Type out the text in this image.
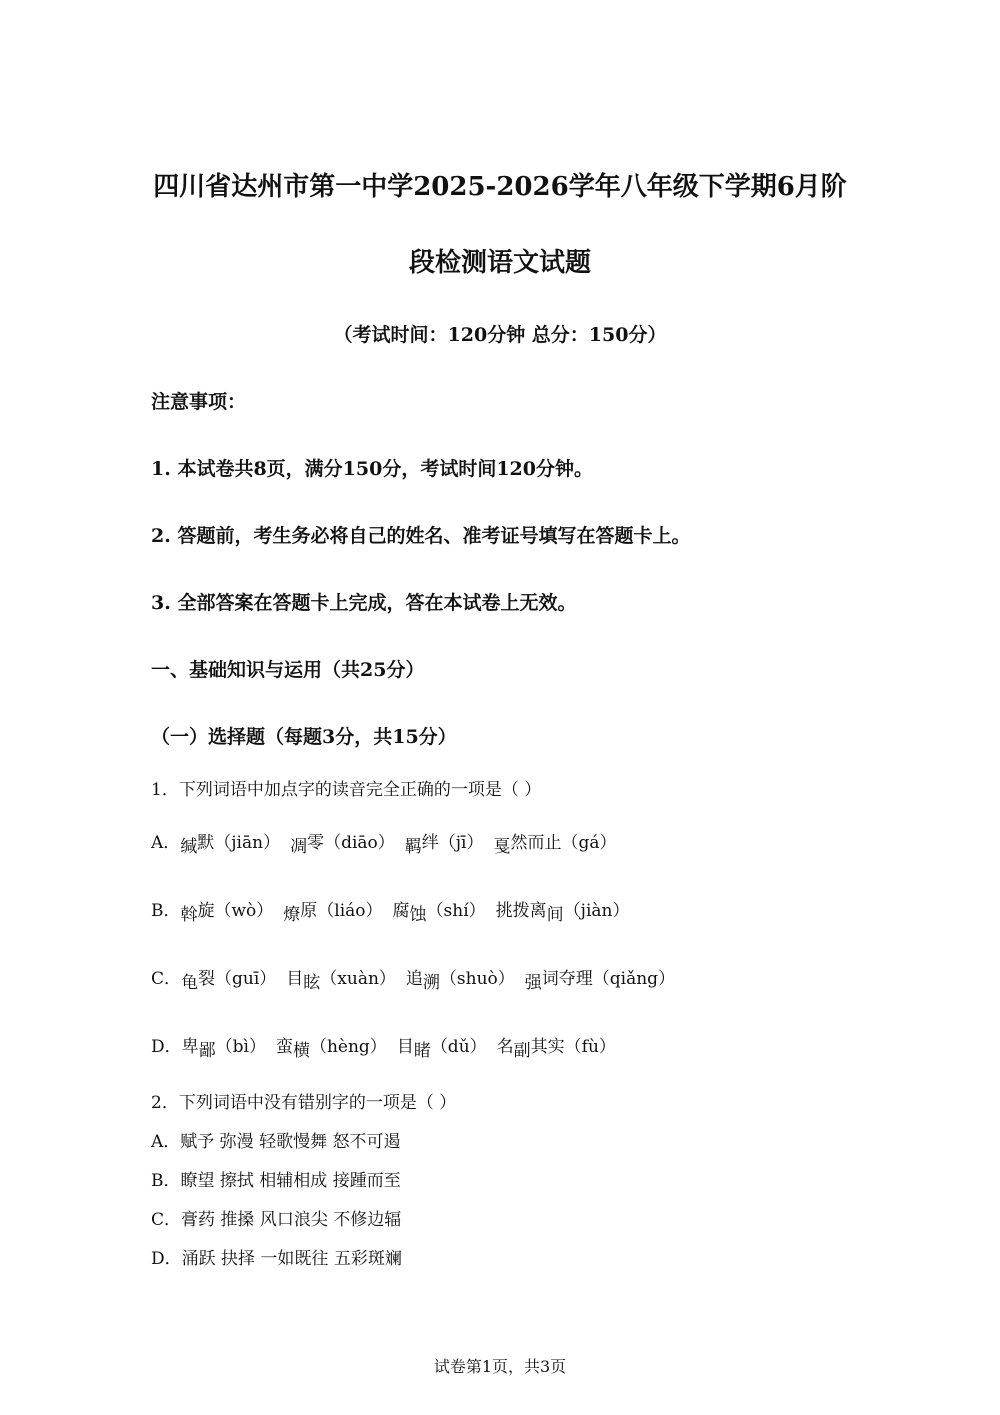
四川省达州市第一中学2025-2026学年八年级下学期6月阶
段检测语文试题
（考试时间：120分钟 总分：150分）
注意事项：
1. 本试卷共8页，满分150分，考试时间120分钟。
2. 答题前，考生务必将自己的姓名、准考证号填写在答题卡上。
3. 全部答案在答题卡上完成，答在本试卷上无效。
一、基础知识与运用（共25分）
（一）选择题（每题3分，共15分）
1．下列词语中加点字的读音完全正确的一项是（ ）
A．缄默（jiān） 凋零（diāo） 羁绊（jī） 戛然而止（gá）
B．斡旋（wò） 燎原（liáo） 腐蚀（shí） 挑拨离间（jiàn）
C．龟裂（guī） 目眩（xuàn） 追溯（shuò） 强词夺理（qiǎng）
D．卑鄙（bì） 蛮横（hèng） 目睹（dǔ） 名副其实（fù）
2．下列词语中没有错别字的一项是（ ）
A．赋予 弥漫 轻歌慢舞 怒不可遏
B．瞭望 擦拭 相辅相成 接踵而至
C．膏药 推搡 风口浪尖 不修边辐
D．涌跃 抉择 一如既往 五彩斑斓
试卷第1页，共3页
